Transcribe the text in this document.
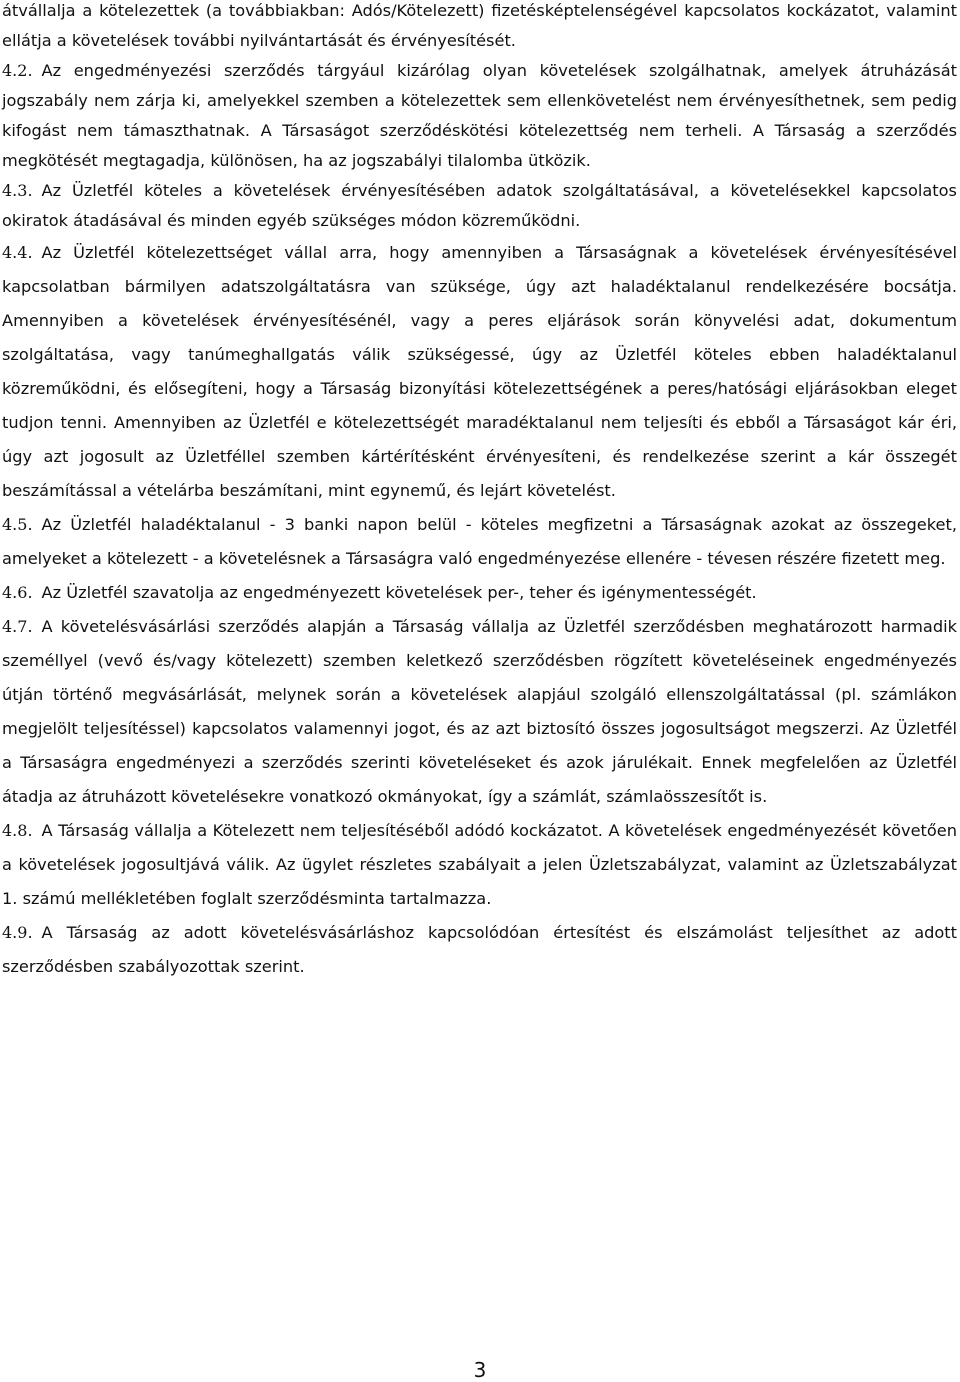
átvállalja a kötelezettek (a továbbiakban: Adós/Kötelezett) fizetésképtelenségével kapcsolatos kockázatot, valamint ellátja a követelések további nyilvántartását és érvényesítését.

4.2. Az engedményezési szerződés tárgyául kizárólag olyan követelések szolgálhatnak, amelyek átruházását jogszabály nem zárja ki, amelyekkel szemben a kötelezettek sem ellenkövetelést nem érvényesíthetnek, sem pedig kifogást nem támaszthatnak. A Társaságot szerződéskötési kötelezettség nem terheli. A Társaság a szerződés megkötését megtagadja, különösen, ha az jogszabályi tilalomba ütközik.

4.3. Az Üzletfél köteles a követelések érvényesítésében adatok szolgáltatásával, a követelésekkel kapcsolatos okiratok átadásával és minden egyéb szükséges módon közreműködni.

4.4. Az Üzletfél kötelezettséget vállal arra, hogy amennyiben a Társaságnak a követelések érvényesítésével kapcsolatban bármilyen adatszolgáltatásra van szüksége, úgy azt haladéktalanul rendelkezésére bocsátja. Amennyiben a követelések érvényesítésénél, vagy a peres eljárások során könyvelési adat, dokumentum szolgáltatása, vagy tanúmeghallgatás válik szükségessé, úgy az Üzletfél köteles ebben haladéktalanul közreműködni, és elősegíteni, hogy a Társaság bizonyítási kötelezettségének a peres/hatósági eljárásokban eleget tudjon tenni. Amennyiben az Üzletfél e kötelezettségét maradéktalanul nem teljesíti és ebből a Társaságot kár éri, úgy azt jogosult az Üzletféllel szemben kártérítésként érvényesíteni, és rendelkezése szerint a kár összegét beszámítással a vételárba beszámítani, mint egynemű, és lejárt követelést.

4.5. Az Üzletfél haladéktalanul - 3 banki napon belül - köteles megfizetni a Társaságnak azokat az összegeket, amelyeket a kötelezett - a követelésnek a Társaságra való engedményezése ellenére - tévesen részére fizetett meg.

4.6. Az Üzletfél szavatolja az engedményezett követelések per-, teher és igénymentességét.

4.7. A követelésvásárlási szerződés alapján a Társaság vállalja az Üzletfél szerződésben meghatározott harmadik személlyel (vevő és/vagy kötelezett) szemben keletkező szerződésben rögzített követeléseinek engedményezés útján történő megvásárlását, melynek során a követelések alapjául szolgáló ellenszolgáltatással (pl. számlákon megjelölt teljesítéssel) kapcsolatos valamennyi jogot, és az azt biztosító összes jogosultságot megszerzi. Az Üzletfél a Társaságra engedményezi a szerződés szerinti követeléseket és azok járulékait. Ennek megfelelően az Üzletfél átadja az átruházott követelésekre vonatkozó okmányokat, így a számlát, számlaösszesítőt is.

4.8. A Társaság vállalja a Kötelezett nem teljesítéséből adódó kockázatot. A követelések engedményezését követően a követelések jogosultjává válik. Az ügylet részletes szabályait a jelen Üzletszabályzat, valamint az Üzletszabályzat 1. számú mellékletében foglalt szerződésminta tartalmazza.

4.9. A Társaság az adott követelésvásárláshoz kapcsolódóan értesítést és elszámolást teljesíthet az adott szerződésben szabályozottak szerint.

3
